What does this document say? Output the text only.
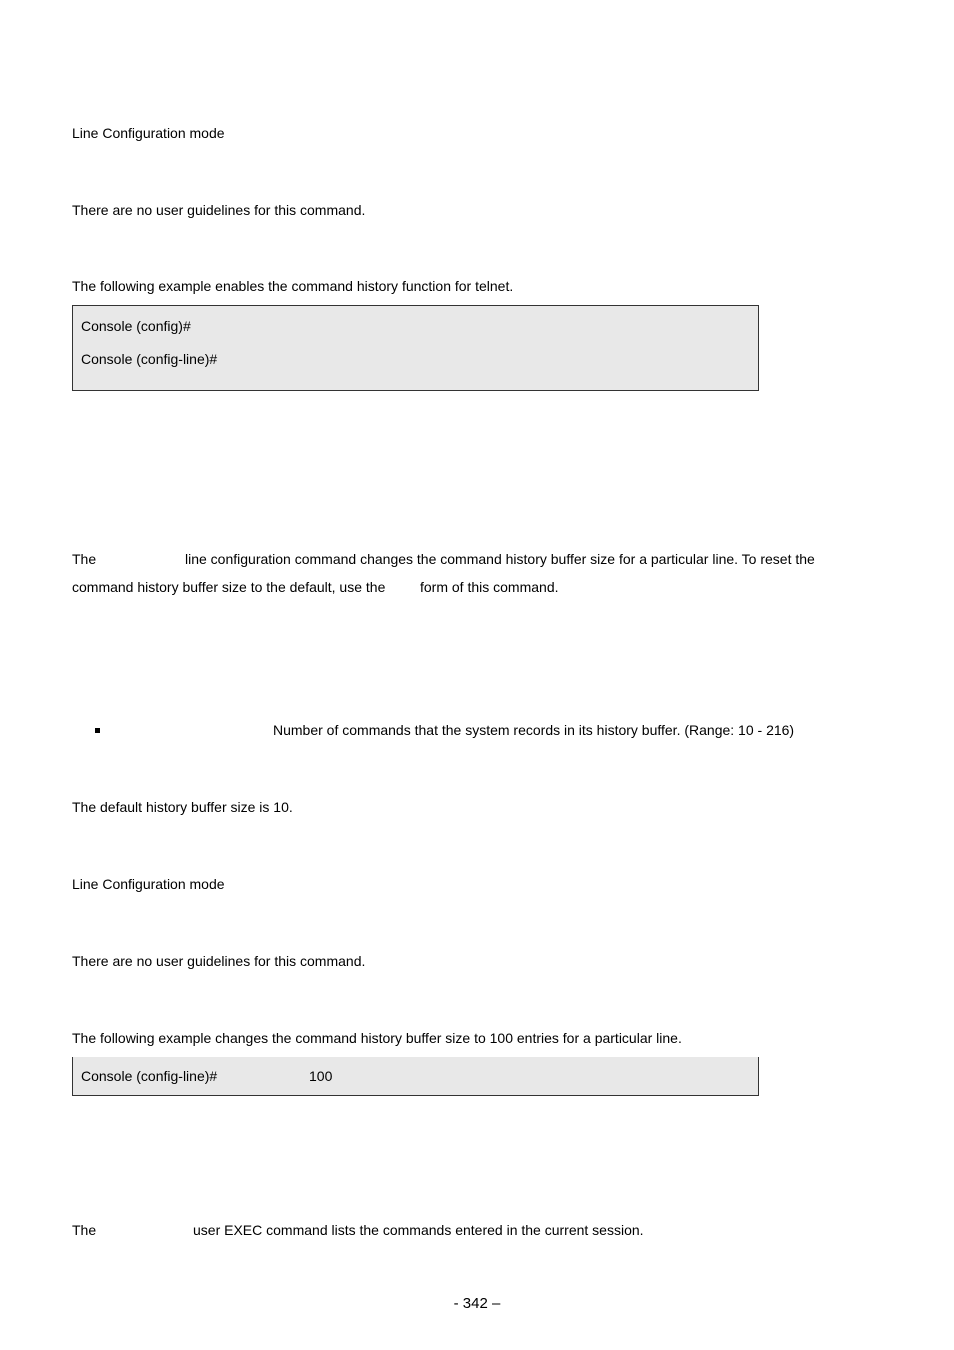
Line Configuration mode
There are no user guidelines for this command.
The following example enables the command history function for telnet.
Console (config)#
Console (config-line)#
The	line configuration command changes the command history buffer size for a particular line. To reset the
command history buffer size to the default, use the form of this command.
Number of commands that the system records in its history buffer. (Range: 10 - 216)
The default history buffer size is 10.
Line Configuration mode
There are no user guidelines for this command.
The following example changes the command history buffer size to 100 entries for a particular line.
Console (config-line)#	100
The	user EXEC command lists the commands entered in the current session.
- 342 –
